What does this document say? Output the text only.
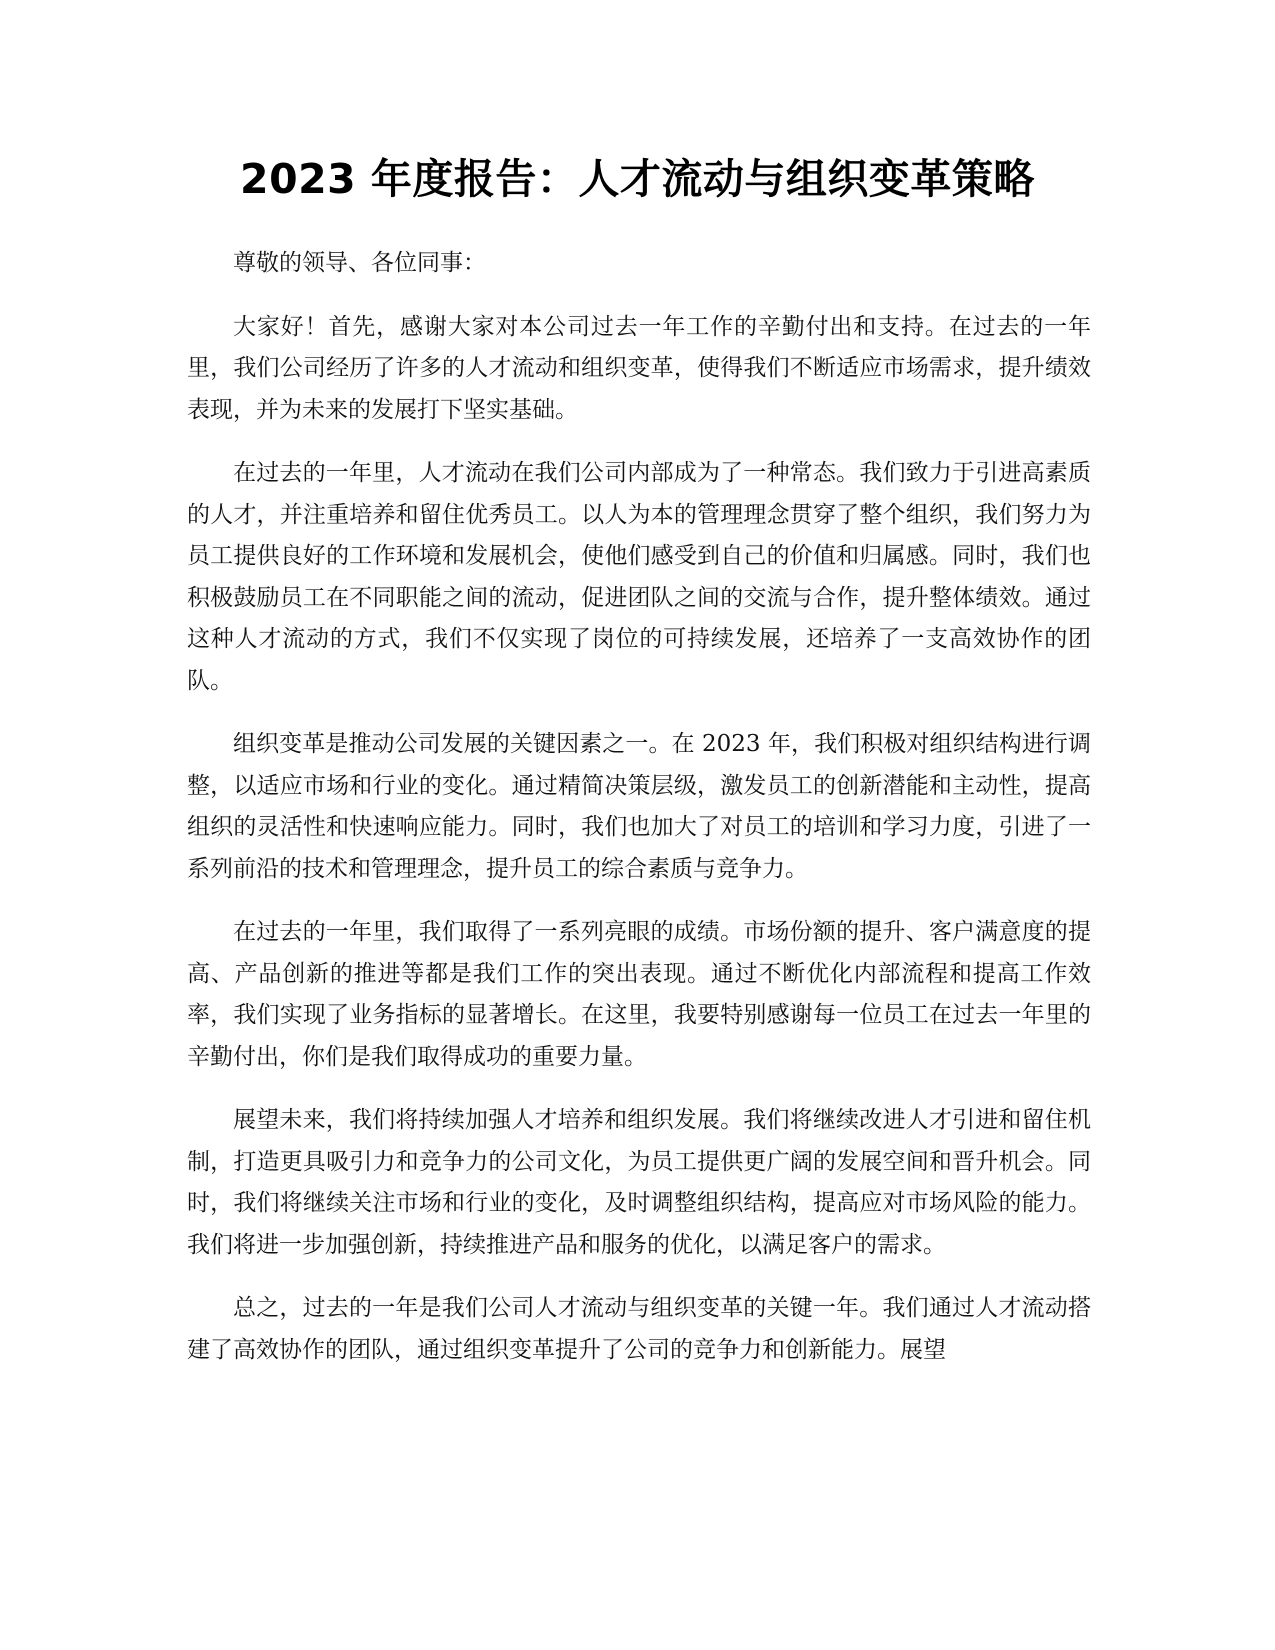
2023 年度报告：人才流动与组织变革策略

尊敬的领导、各位同事：

大家好！首先，感谢大家对本公司过去一年工作的辛勤付出和支持。在过去的一年里，我们公司经历了许多的人才流动和组织变革，使得我们不断适应市场需求，提升绩效表现，并为未来的发展打下坚实基础。

在过去的一年里，人才流动在我们公司内部成为了一种常态。我们致力于引进高素质的人才，并注重培养和留住优秀员工。以人为本的管理理念贯穿了整个组织，我们努力为员工提供良好的工作环境和发展机会，使他们感受到自己的价值和归属感。同时，我们也积极鼓励员工在不同职能之间的流动，促进团队之间的交流与合作，提升整体绩效。通过这种人才流动的方式，我们不仅实现了岗位的可持续发展，还培养了一支高效协作的团队。

组织变革是推动公司发展的关键因素之一。在 2023 年，我们积极对组织结构进行调整，以适应市场和行业的变化。通过精简决策层级，激发员工的创新潜能和主动性，提高组织的灵活性和快速响应能力。同时，我们也加大了对员工的培训和学习力度，引进了一系列前沿的技术和管理理念，提升员工的综合素质与竞争力。

在过去的一年里，我们取得了一系列亮眼的成绩。市场份额的提升、客户满意度的提高、产品创新的推进等都是我们工作的突出表现。通过不断优化内部流程和提高工作效率，我们实现了业务指标的显著增长。在这里，我要特别感谢每一位员工在过去一年里的辛勤付出，你们是我们取得成功的重要力量。

展望未来，我们将持续加强人才培养和组织发展。我们将继续改进人才引进和留住机制，打造更具吸引力和竞争力的公司文化，为员工提供更广阔的发展空间和晋升机会。同时，我们将继续关注市场和行业的变化，及时调整组织结构，提高应对市场风险的能力。我们将进一步加强创新，持续推进产品和服务的优化，以满足客户的需求。

总之，过去的一年是我们公司人才流动与组织变革的关键一年。我们通过人才流动搭建了高效协作的团队，通过组织变革提升了公司的竞争力和创新能力。展望
